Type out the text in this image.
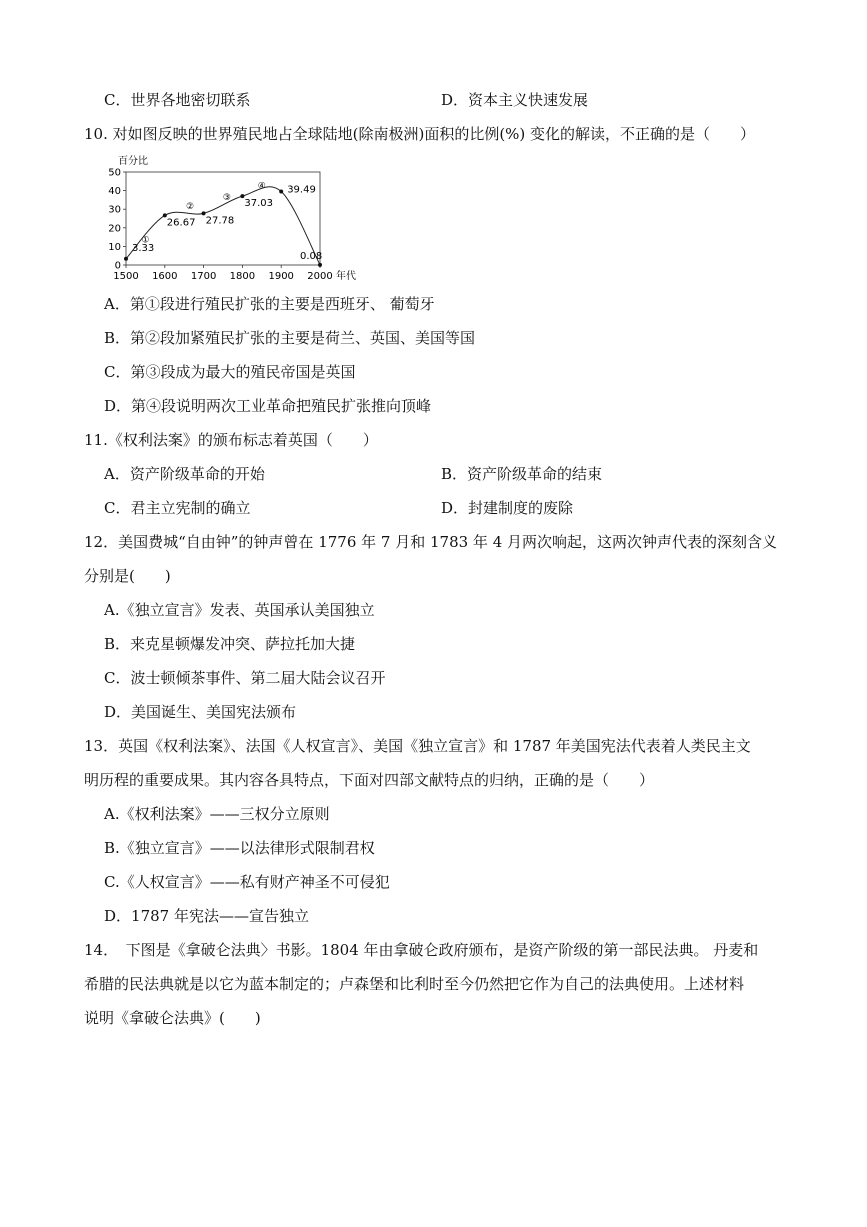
C．世界各地密切联系	D．资本主义快速发展
10. 对如图反映的世界殖民地占全球陆地(除南极洲)面积的比例(%) 变化的解读，不正确的是（　　）
百分比
0
10
20
30
40
50
1500 1600 1700 1800 1900 2000
3.33
26.67 27.78
37.03
39.49
0.08
①
②
③
④
年代
A．第①段进行殖民扩张的主要是西班牙、 葡萄牙
B．第②段加紧殖民扩张的主要是荷兰、英国、美国等国
C．第③段成为最大的殖民帝国是英国
D．第④段说明两次工业革命把殖民扩张推向顶峰
11.《权利法案》的颁布标志着英国（　　）
A．资产阶级革命的开始	B．资产阶级革命的结束
C．君主立宪制的确立	D．封建制度的废除
12．美国费城“自由钟”的钟声曾在 1776 年 7 月和 1783 年 4 月两次响起，这两次钟声代表的深刻含义
分别是(　　)
A.《独立宣言》发表、英国承认美国独立
B．来克星顿爆发冲突、萨拉托加大捷
C．波士顿倾茶事件、第二届大陆会议召开
D．美国诞生、美国宪法颁布
13．英国《权利法案》、法国《人权宣言》、美国《独立宣言》和 1787 年美国宪法代表着人类民主文
明历程的重要成果。其内容各具特点，下面对四部文献特点的归纳，正确的是（　　）
A.《权利法案》——三权分立原则
B.《独立宣言》——以法律形式限制君权
C.《人权宣言》——私有财产神圣不可侵犯
D．1787 年宪法——宣告独立
14．　下图是《拿破仑法典〉书影。1804 年由拿破仑政府颁布，是资产阶级的第一部民法典。 丹麦和
希腊的民法典就是以它为蓝本制定的；卢森堡和比利时至今仍然把它作为自己的法典使用。上述材料
说明《拿破仑法典》(　　)
